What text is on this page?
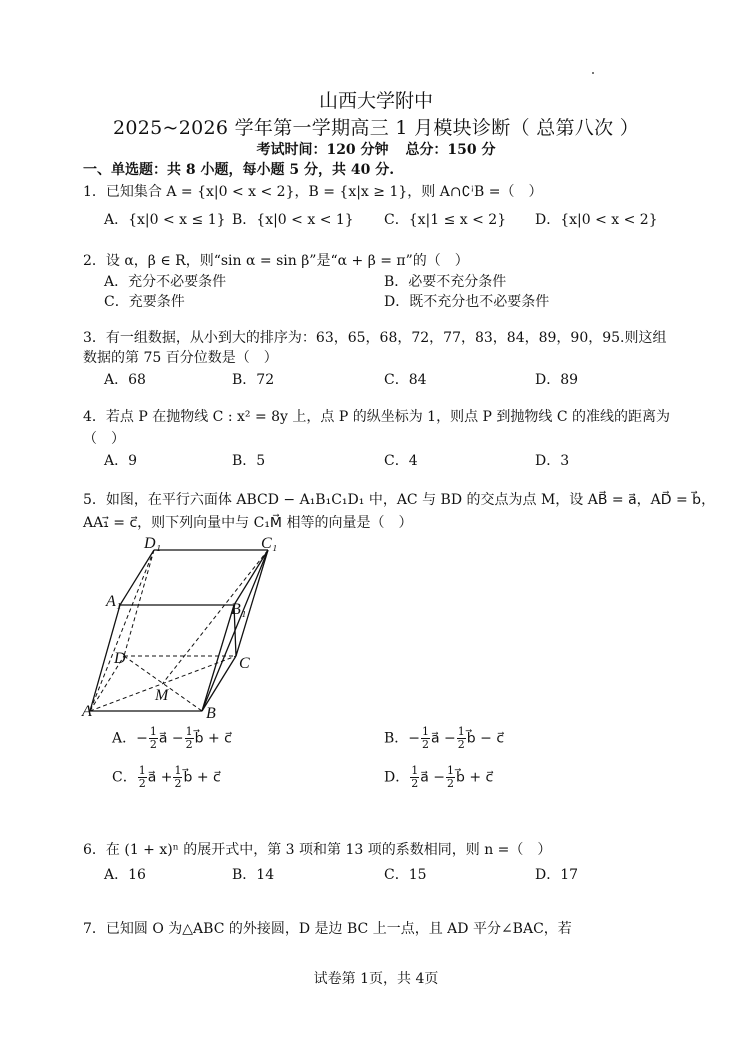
山西大学附中
2025~2026 学年第一学期高三 1 月模块诊断（ 总第八次 ）
考试时间：120 分钟 总分：150 分
一、单选题：共 8 小题，每小题 5 分，共 40 分.
1．已知集合 A = {x|0 < x < 2}，B = {x|x ≥ 1}，则 A∩∁ꜞB =（　）
A．{x|0 < x ≤ 1} B．{x|0 < x < 1} C．{x|1 ≤ x < 2} D．{x|0 < x < 2}
2．设 α，β ∈ R，则“sin α = sin β”是“α + β = π”的（　）
A．充分不必要条件	B．必要不充分条件
C．充要条件	D．既不充分也不必要条件
3．有一组数据，从小到大的排序为：63，65，68，72，77，83，84，89，90，95.则这组
数据的第 75 百分位数是（　）
A．68	B．72	C．84	D．89
4．若点 P 在抛物线 C : x² = 8y 上，点 P 的纵坐标为 1，则点 P 到抛物线 C 的准线的距离为
（　）
A．9	B．5	C．4	D．3
5．如图，在平行六面体 ABCD − A₁B₁C₁D₁ 中，AC 与 BD 的交点为点 M，设 AB⃗ = a⃗，AD⃗ = b⃗，
AA₁⃗ = c⃗，则下列向量中与 C₁M⃗ 相等的向量是（　）
D₁	C₁
A₁	B₁
D	C
M
A	B
A．− $\frac{1}{2}$ a⃗ − $\frac{1}{2}$ b⃗ + c⃗	B．− $\frac{1}{2}$ a⃗ − $\frac{1}{2}$ b⃗ − c⃗
C． $\frac{1}{2}$ a⃗ + $\frac{1}{2}$ b⃗ + c⃗	D． $\frac{1}{2}$ a⃗ − $\frac{1}{2}$ b⃗ + c⃗
6．在 (1 + x)ⁿ 的展开式中，第 3 项和第 13 项的系数相同，则 n =（　）
A．16	B．14	C．15	D．17
7．已知圆 O 为△ABC 的外接圆，D 是边 BC 上一点，且 AD 平分∠BAC，若
试卷第 1页，共 4页
